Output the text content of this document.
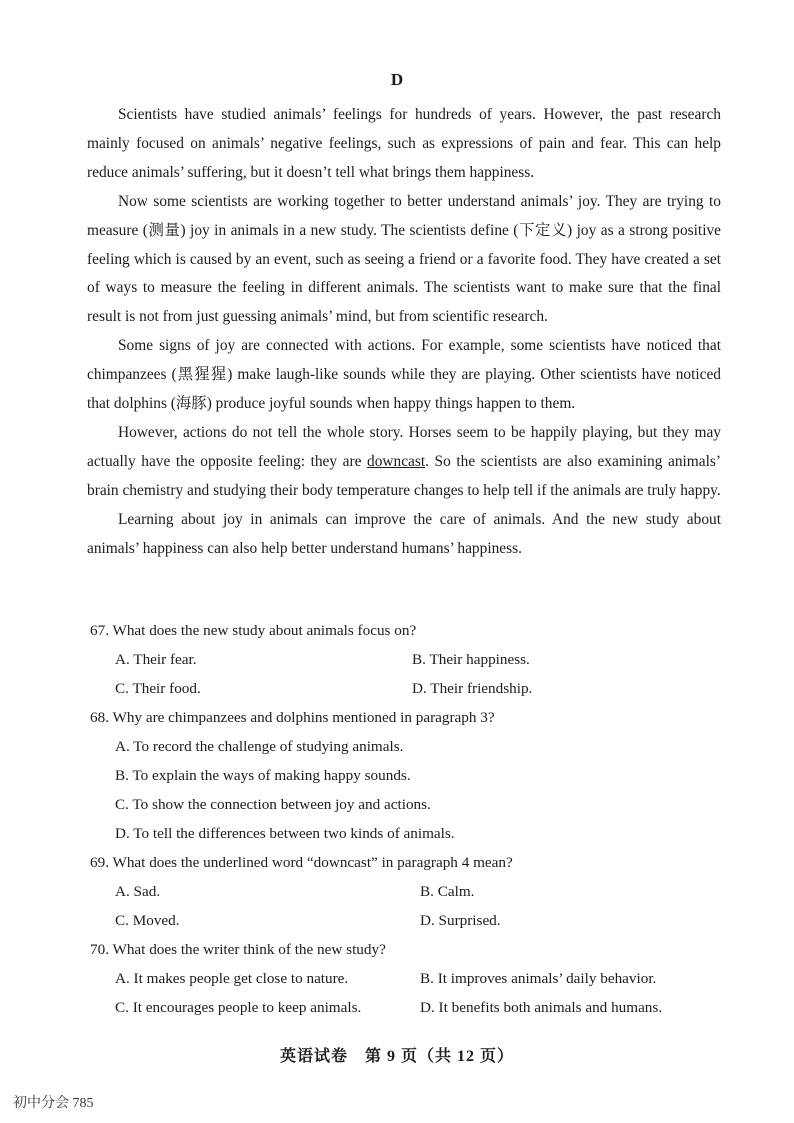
D

Scientists have studied animals’ feelings for hundreds of years. However, the past research mainly focused on animals’ negative feelings, such as expressions of pain and fear. This can help reduce animals’ suffering, but it doesn’t tell what brings them happiness.

Now some scientists are working together to better understand animals’ joy. They are trying to measure (测量) joy in animals in a new study. The scientists define (下定义) joy as a strong positive feeling which is caused by an event, such as seeing a friend or a favorite food. They have created a set of ways to measure the feeling in different animals. The scientists want to make sure that the final result is not from just guessing animals’ mind, but from scientific research.

Some signs of joy are connected with actions. For example, some scientists have noticed that chimpanzees (黑猩猩) make laugh-like sounds while they are playing. Other scientists have noticed that dolphins (海豚) produce joyful sounds when happy things happen to them.

However, actions do not tell the whole story. Horses seem to be happily playing, but they may actually have the opposite feeling: they are downcast. So the scientists are also examining animals’ brain chemistry and studying their body temperature changes to help tell if the animals are truly happy.

Learning about joy in animals can improve the care of animals. And the new study about animals’ happiness can also help better understand humans’ happiness.

67. What does the new study about animals focus on?

A. Their fear.	B. Their happiness.
C. Their food.	D. Their friendship.

68. Why are chimpanzees and dolphins mentioned in paragraph 3?

A. To record the challenge of studying animals.
B. To explain the ways of making happy sounds.
C. To show the connection between joy and actions.
D. To tell the differences between two kinds of animals.

69. What does the underlined word “downcast” in paragraph 4 mean?

A. Sad.	B. Calm.
C. Moved.	D. Surprised.

70. What does the writer think of the new study?

A. It makes people get close to nature.	B. It improves animals’ daily behavior.
C. It encourages people to keep animals.	D. It benefits both animals and humans.
英语试卷　第 9 页（共 12 页）
初中分会 785
